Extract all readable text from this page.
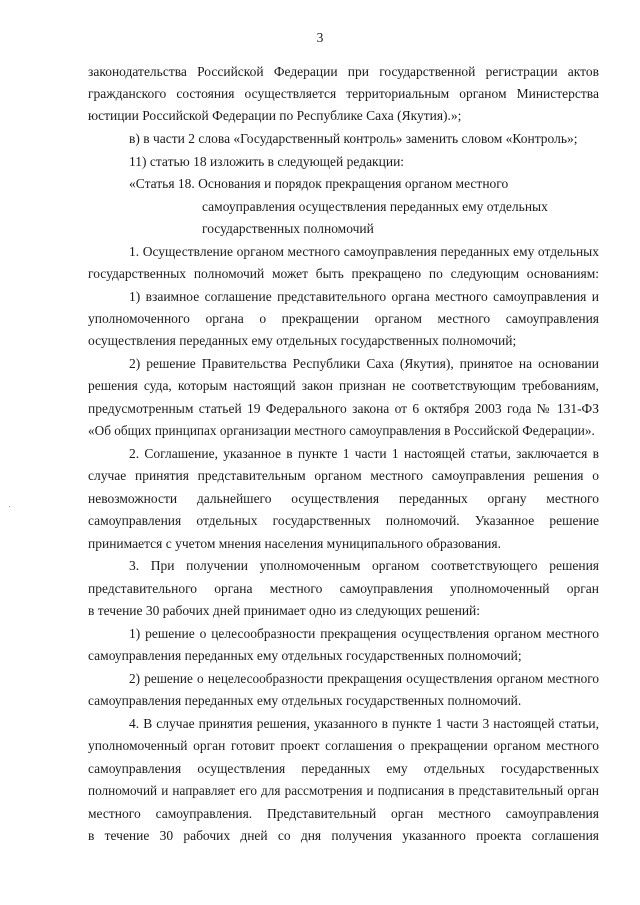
3
законодательства Российской Федерации при государственной регистрации актов
гражданского состояния осуществляется территориальным органом Министерства
юстиции Российской Федерации по Республике Саха (Якутия).»;
в) в части 2 слова «Государственный контроль» заменить словом «Контроль»;
11) статью 18 изложить в следующей редакции:
«Статья 18. Основания и порядок прекращения органом местного
самоуправления осуществления переданных ему отдельных
государственных полномочий
1. Осуществление органом местного самоуправления переданных ему отдельных
государственных полномочий может быть прекращено по следующим основаниям:
1) взаимное соглашение представительного органа местного самоуправления и
уполномоченного органа о прекращении органом местного самоуправления
осуществления переданных ему отдельных государственных полномочий;
2) решение Правительства Республики Саха (Якутия), принятое на основании
решения суда, которым настоящий закон признан не соответствующим требованиям,
предусмотренным статьей 19 Федерального закона от 6 октября 2003 года № 131-ФЗ
«Об общих принципах организации местного самоуправления в Российской Федерации».
2. Соглашение, указанное в пункте 1 части 1 настоящей статьи, заключается в
случае принятия представительным органом местного самоуправления решения о
невозможности дальнейшего осуществления переданных органу местного
самоуправления отдельных государственных полномочий. Указанное решение
принимается с учетом мнения населения муниципального образования.
3. При получении уполномоченным органом соответствующего решения
представительного органа местного самоуправления уполномоченный орган
в течение 30 рабочих дней принимает одно из следующих решений:
1) решение о целесообразности прекращения осуществления органом местного
самоуправления переданных ему отдельных государственных полномочий;
2) решение о нецелесообразности прекращения осуществления органом местного
самоуправления переданных ему отдельных государственных полномочий.
4. В случае принятия решения, указанного в пункте 1 части 3 настоящей статьи,
уполномоченный орган готовит проект соглашения о прекращении органом местного
самоуправления осуществления переданных ему отдельных государственных
полномочий и направляет его для рассмотрения и подписания в представительный орган
местного самоуправления. Представительный орган местного самоуправления
в течение 30 рабочих дней со дня получения указанного проекта соглашения
